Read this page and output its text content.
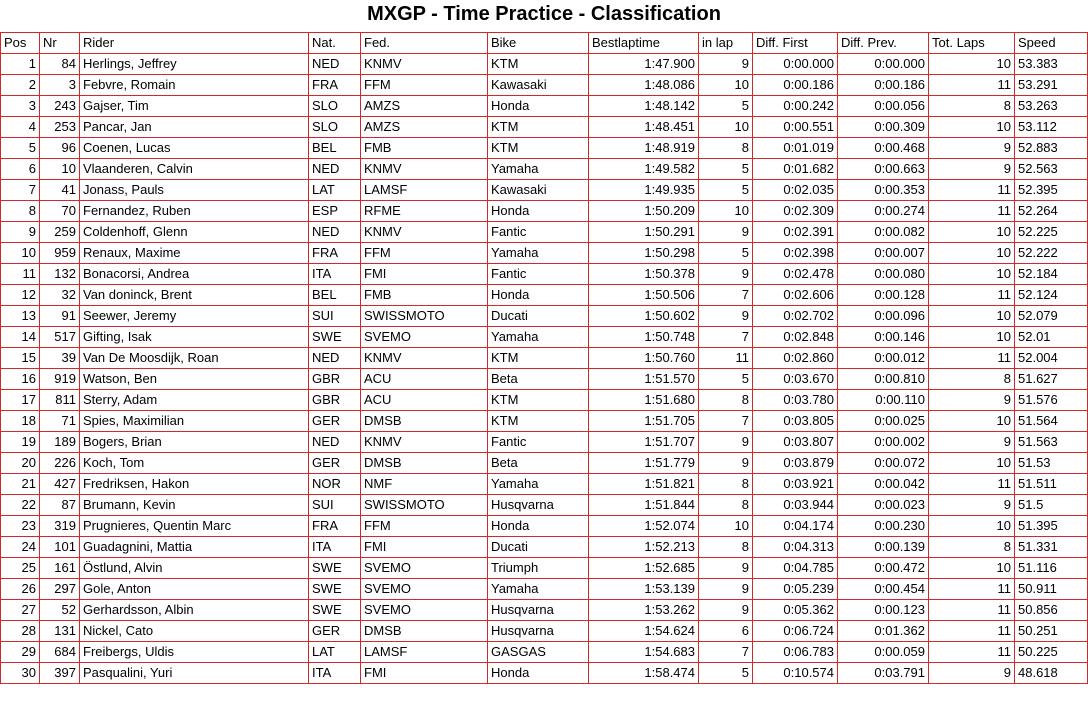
MXGP - Time Practice - Classification
Pos	Nr	Rider	Nat.	Fed.	Bike	Bestlaptime	in lap	Diff. First	Diff. Prev.	Tot. Laps	Speed
1	84	Herlings, Jeffrey	NED	KNMV	KTM	1:47.900	9	0:00.000	0:00.000	10	53.383
2	3	Febvre, Romain	FRA	FFM	Kawasaki	1:48.086	10	0:00.186	0:00.186	11	53.291
3	243	Gajser, Tim	SLO	AMZS	Honda	1:48.142	5	0:00.242	0:00.056	8	53.263
4	253	Pancar, Jan	SLO	AMZS	KTM	1:48.451	10	0:00.551	0:00.309	10	53.112
5	96	Coenen, Lucas	BEL	FMB	KTM	1:48.919	8	0:01.019	0:00.468	9	52.883
6	10	Vlaanderen, Calvin	NED	KNMV	Yamaha	1:49.582	5	0:01.682	0:00.663	9	52.563
7	41	Jonass, Pauls	LAT	LAMSF	Kawasaki	1:49.935	5	0:02.035	0:00.353	11	52.395
8	70	Fernandez, Ruben	ESP	RFME	Honda	1:50.209	10	0:02.309	0:00.274	11	52.264
9	259	Coldenhoff, Glenn	NED	KNMV	Fantic	1:50.291	9	0:02.391	0:00.082	10	52.225
10	959	Renaux, Maxime	FRA	FFM	Yamaha	1:50.298	5	0:02.398	0:00.007	10	52.222
11	132	Bonacorsi, Andrea	ITA	FMI	Fantic	1:50.378	9	0:02.478	0:00.080	10	52.184
12	32	Van doninck, Brent	BEL	FMB	Honda	1:50.506	7	0:02.606	0:00.128	11	52.124
13	91	Seewer, Jeremy	SUI	SWISSMOTO	Ducati	1:50.602	9	0:02.702	0:00.096	10	52.079
14	517	Gifting, Isak	SWE	SVEMO	Yamaha	1:50.748	7	0:02.848	0:00.146	10	52.01
15	39	Van De Moosdijk, Roan	NED	KNMV	KTM	1:50.760	11	0:02.860	0:00.012	11	52.004
16	919	Watson, Ben	GBR	ACU	Beta	1:51.570	5	0:03.670	0:00.810	8	51.627
17	811	Sterry, Adam	GBR	ACU	KTM	1:51.680	8	0:03.780	0:00.110	9	51.576
18	71	Spies, Maximilian	GER	DMSB	KTM	1:51.705	7	0:03.805	0:00.025	10	51.564
19	189	Bogers, Brian	NED	KNMV	Fantic	1:51.707	9	0:03.807	0:00.002	9	51.563
20	226	Koch, Tom	GER	DMSB	Beta	1:51.779	9	0:03.879	0:00.072	10	51.53
21	427	Fredriksen, Hakon	NOR	NMF	Yamaha	1:51.821	8	0:03.921	0:00.042	11	51.511
22	87	Brumann, Kevin	SUI	SWISSMOTO	Husqvarna	1:51.844	8	0:03.944	0:00.023	9	51.5
23	319	Prugnieres, Quentin Marc	FRA	FFM	Honda	1:52.074	10	0:04.174	0:00.230	10	51.395
24	101	Guadagnini, Mattia	ITA	FMI	Ducati	1:52.213	8	0:04.313	0:00.139	8	51.331
25	161	Östlund, Alvin	SWE	SVEMO	Triumph	1:52.685	9	0:04.785	0:00.472	10	51.116
26	297	Gole, Anton	SWE	SVEMO	Yamaha	1:53.139	9	0:05.239	0:00.454	11	50.911
27	52	Gerhardsson, Albin	SWE	SVEMO	Husqvarna	1:53.262	9	0:05.362	0:00.123	11	50.856
28	131	Nickel, Cato	GER	DMSB	Husqvarna	1:54.624	6	0:06.724	0:01.362	11	50.251
29	684	Freibergs, Uldis	LAT	LAMSF	GASGAS	1:54.683	7	0:06.783	0:00.059	11	50.225
30	397	Pasqualini, Yuri	ITA	FMI	Honda	1:58.474	5	0:10.574	0:03.791	9	48.618
